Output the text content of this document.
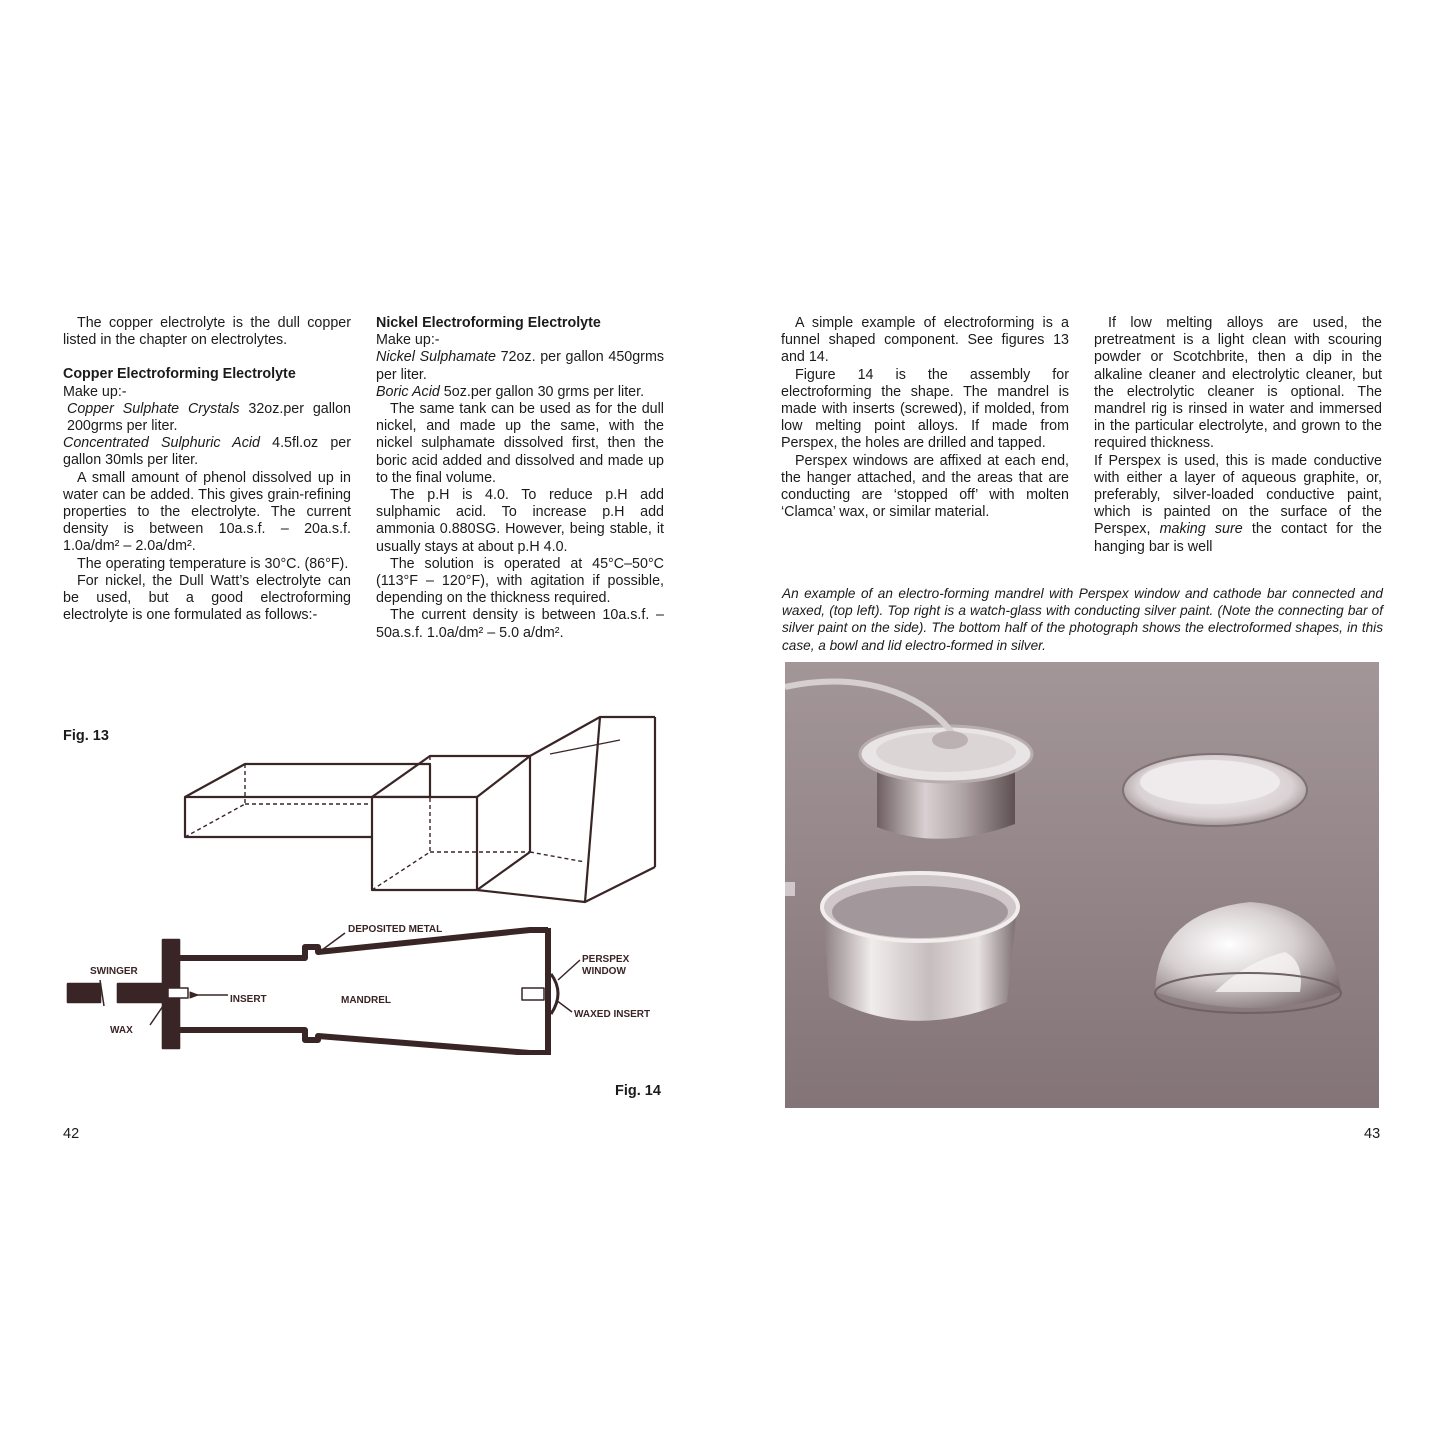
The copper electrolyte is the dull copper listed in the chapter on electrolytes.

Copper Electroforming Electrolyte

Make up:-

Copper Sulphate Crystals 32oz.per gallon 200grms per liter.

Concentrated Sulphuric Acid 4.5fl.oz per gallon 30mls per liter.

A small amount of phenol dissolved up in water can be added. This gives grain-refining properties to the electrolyte. The current density is between 10a.s.f. – 20a.s.f. 1.0a/dm² – 2.0a/dm².

The operating temperature is 30°C. (86°F).

For nickel, the Dull Watt’s electrolyte can be used, but a good electroforming electrolyte is one formulated as follows:-

Nickel Electroforming Electrolyte

Make up:-

Nickel Sulphamate 72oz. per gallon 450grms per liter.

Boric Acid 5oz.per gallon 30 grms per liter.

The same tank can be used as for the dull nickel, and made up the same, with the nickel sulphamate dissolved first, then the boric acid added and dissolved and made up to the final volume.

The p.H is 4.0. To reduce p.H add sulphamic acid. To increase p.H add ammonia 0.880SG. However, being stable, it usually stays at about p.H 4.0.

The solution is operated at 45°C–50°C (113°F – 120°F), with agitation if possible, depending on the thickness required.

The current density is between 10a.s.f. – 50a.s.f. 1.0a/dm² – 5.0 a/dm².

Fig. 13
DEPOSITED METAL
SWINGER
INSERT	MANDREL
WAX
PERSPEX
WINDOW
WAXED INSERT
Fig. 14
42

A simple example of electroforming is a funnel shaped component. See figures 13 and 14.

Figure 14 is the assembly for electroforming the shape. The mandrel is made with inserts (screwed), if molded, from low melting point alloys. If made from Perspex, the holes are drilled and tapped.

Perspex windows are affixed at each end, the hanger attached, and the areas that are conducting are ‘stopped off’ with molten ‘Clamca’ wax, or similar material.

If low melting alloys are used, the pretreatment is a light clean with scouring powder or Scotchbrite, then a dip in the alkaline cleaner and electrolytic cleaner, but the electrolytic cleaner is optional. The mandrel rig is rinsed in water and immersed in the particular electrolyte, and grown to the required thickness.

If Perspex is used, this is made conductive with either a layer of aqueous graphite, or, preferably, silver-loaded conductive paint, which is painted on the surface of the Perspex, making sure the contact for the hanging bar is well

An example of an electro-forming mandrel with Perspex window and cathode bar connected and waxed, (top left). Top right is a watch-glass with conducting silver paint. (Note the connecting bar of silver paint on the side). The bottom half of the photograph shows the electroformed shapes, in this case, a bowl and lid electro-formed in silver.

43
